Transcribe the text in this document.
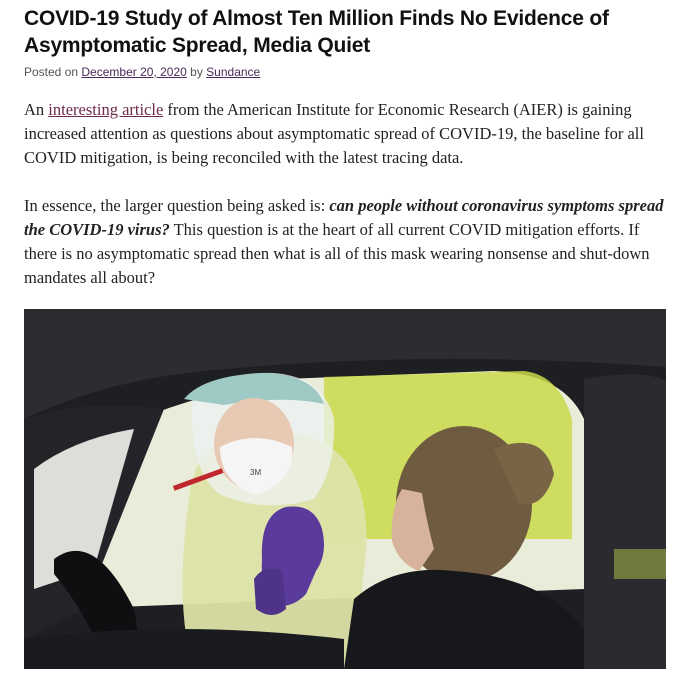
COVID-19 Study of Almost Ten Million Finds No Evidence of Asymptomatic Spread, Media Quiet
Posted on December 20, 2020 by Sundance

An interesting article from the American Institute for Economic Research (AIER) is gaining increased attention as questions about asymptomatic spread of COVID-19, the baseline for all COVID mitigation, is being reconciled with the latest tracing data.

In essence, the larger question being asked is: can people without coronavirus symptoms spread the COVID-19 virus? This question is at the heart of all current COVID mitigation efforts. If there is no asymptomatic spread then what is all of this mask wearing nonsense and shut-down mandates all about?

3M
